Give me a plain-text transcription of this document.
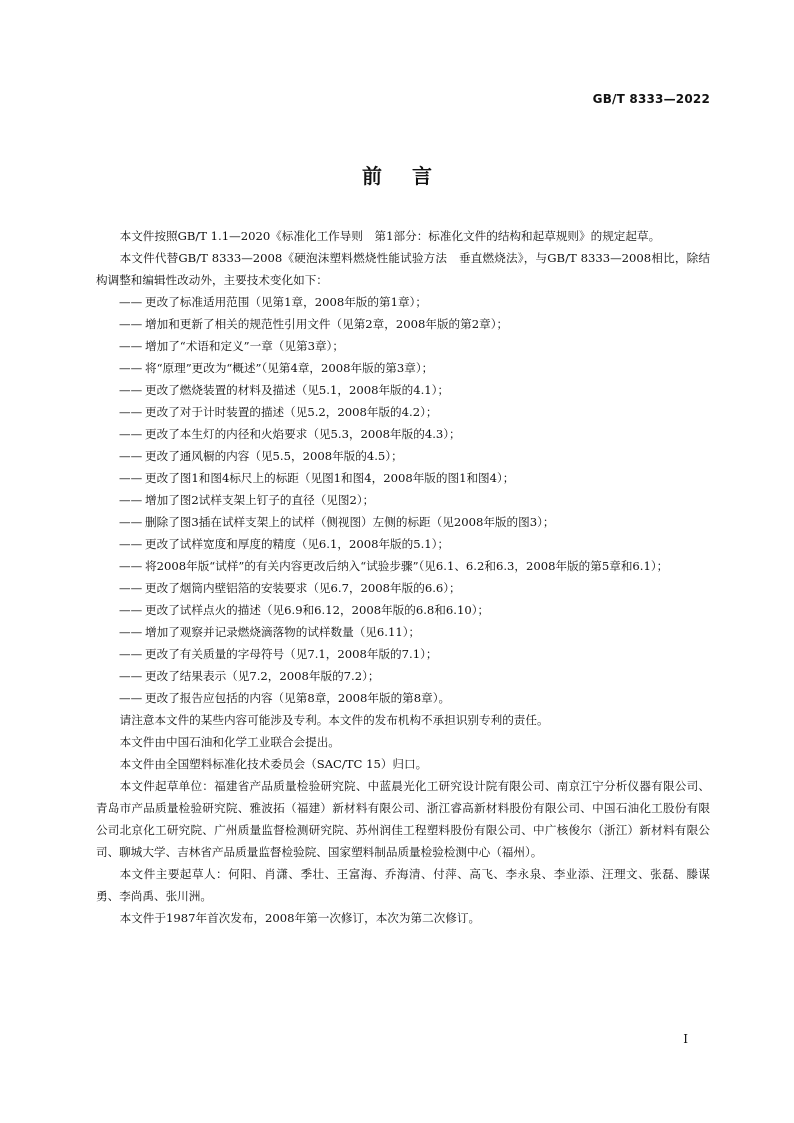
GB/T 8333—2022
前言

本文件按照GB/T 1.1—2020《标准化工作导则　第1部分：标准化文件的结构和起草规则》的规定起草。

本文件代替GB/T 8333—2008《硬泡沫塑料燃烧性能试验方法　垂直燃烧法》，与GB/T 8333—2008相比，除结构调整和编辑性改动外，主要技术变化如下：

—— 更改了标准适用范围（见第1章，2008年版的第1章）；
—— 增加和更新了相关的规范性引用文件（见第2章，2008年版的第2章）；
—— 增加了“术语和定义”一章（见第3章）；
—— 将“原理”更改为“概述”（见第4章，2008年版的第3章）；
—— 更改了燃烧装置的材料及描述（见5.1，2008年版的4.1）；
—— 更改了对于计时装置的描述（见5.2，2008年版的4.2）；
—— 更改了本生灯的内径和火焰要求（见5.3，2008年版的4.3）；
—— 更改了通风橱的内容（见5.5，2008年版的4.5）；
—— 更改了图1和图4标尺上的标距（见图1和图4，2008年版的图1和图4）；
—— 增加了图2试样支架上钉子的直径（见图2）；
—— 删除了图3插在试样支架上的试样（侧视图）左侧的标距（见2008年版的图3）；
—— 更改了试样宽度和厚度的精度（见6.1，2008年版的5.1）；
—— 将2008年版“试样”的有关内容更改后纳入“试验步骤”（见6.1、6.2和6.3，2008年版的第5章和6.1）；
—— 更改了烟筒内壁铝箔的安装要求（见6.7，2008年版的6.6）；
—— 更改了试样点火的描述（见6.9和6.12，2008年版的6.8和6.10）；
—— 增加了观察并记录燃烧滴落物的试样数量（见6.11）；
—— 更改了有关质量的字母符号（见7.1，2008年版的7.1）；
—— 更改了结果表示（见7.2，2008年版的7.2）；
—— 更改了报告应包括的内容（见第8章，2008年版的第8章）。

请注意本文件的某些内容可能涉及专利。本文件的发布机构不承担识别专利的责任。

本文件由中国石油和化学工业联合会提出。

本文件由全国塑料标准化技术委员会（SAC/TC 15）归口。

本文件起草单位：福建省产品质量检验研究院、中蓝晨光化工研究设计院有限公司、南京江宁分析仪器有限公司、青岛市产品质量检验研究院、雅波拓（福建）新材料有限公司、浙江睿高新材料股份有限公司、中国石油化工股份有限公司北京化工研究院、广州质量监督检测研究院、苏州润佳工程塑料股份有限公司、中广核俊尔（浙江）新材料有限公司、聊城大学、吉林省产品质量监督检验院、国家塑料制品质量检验检测中心（福州）。

本文件主要起草人：何阳、肖潇、季壮、王富海、乔海清、付萍、高飞、李永泉、李业添、汪理文、张磊、滕谋勇、李尚禹、张川洲。

本文件于1987年首次发布，2008年第一次修订，本次为第二次修订。

I
